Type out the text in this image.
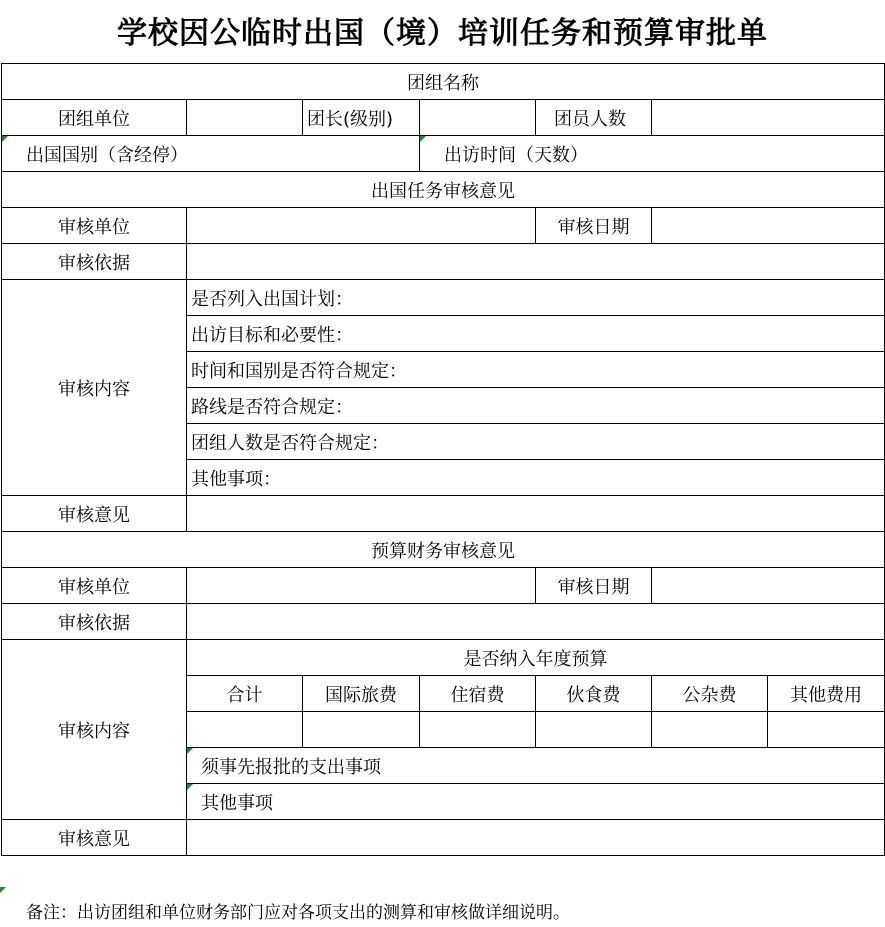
学校因公临时出国（境）培训任务和预算审批单
团组名称						
团组单位		团长(级别)		团员人数		
出国国别（含经停）			出访时间（天数）			
出国任务审核意见						
审核单位				审核日期		
审核依据						
审核内容	是否列入出国计划：					
	出访目标和必要性：					
	时间和国别是否符合规定：					
	路线是否符合规定：					
	团组人数是否符合规定：					
	其他事项：					
审核意见						
预算财务审核意见						
审核单位				审核日期		
审核依据						
审核内容	是否纳入年度预算					
	合计	国际旅费	住宿费	伙食费	公杂费	其他费用

	须事先报批的支出事项					
	其他事项					
审核意见						
备注：出访团组和单位财务部门应对各项支出的测算和审核做详细说明。
